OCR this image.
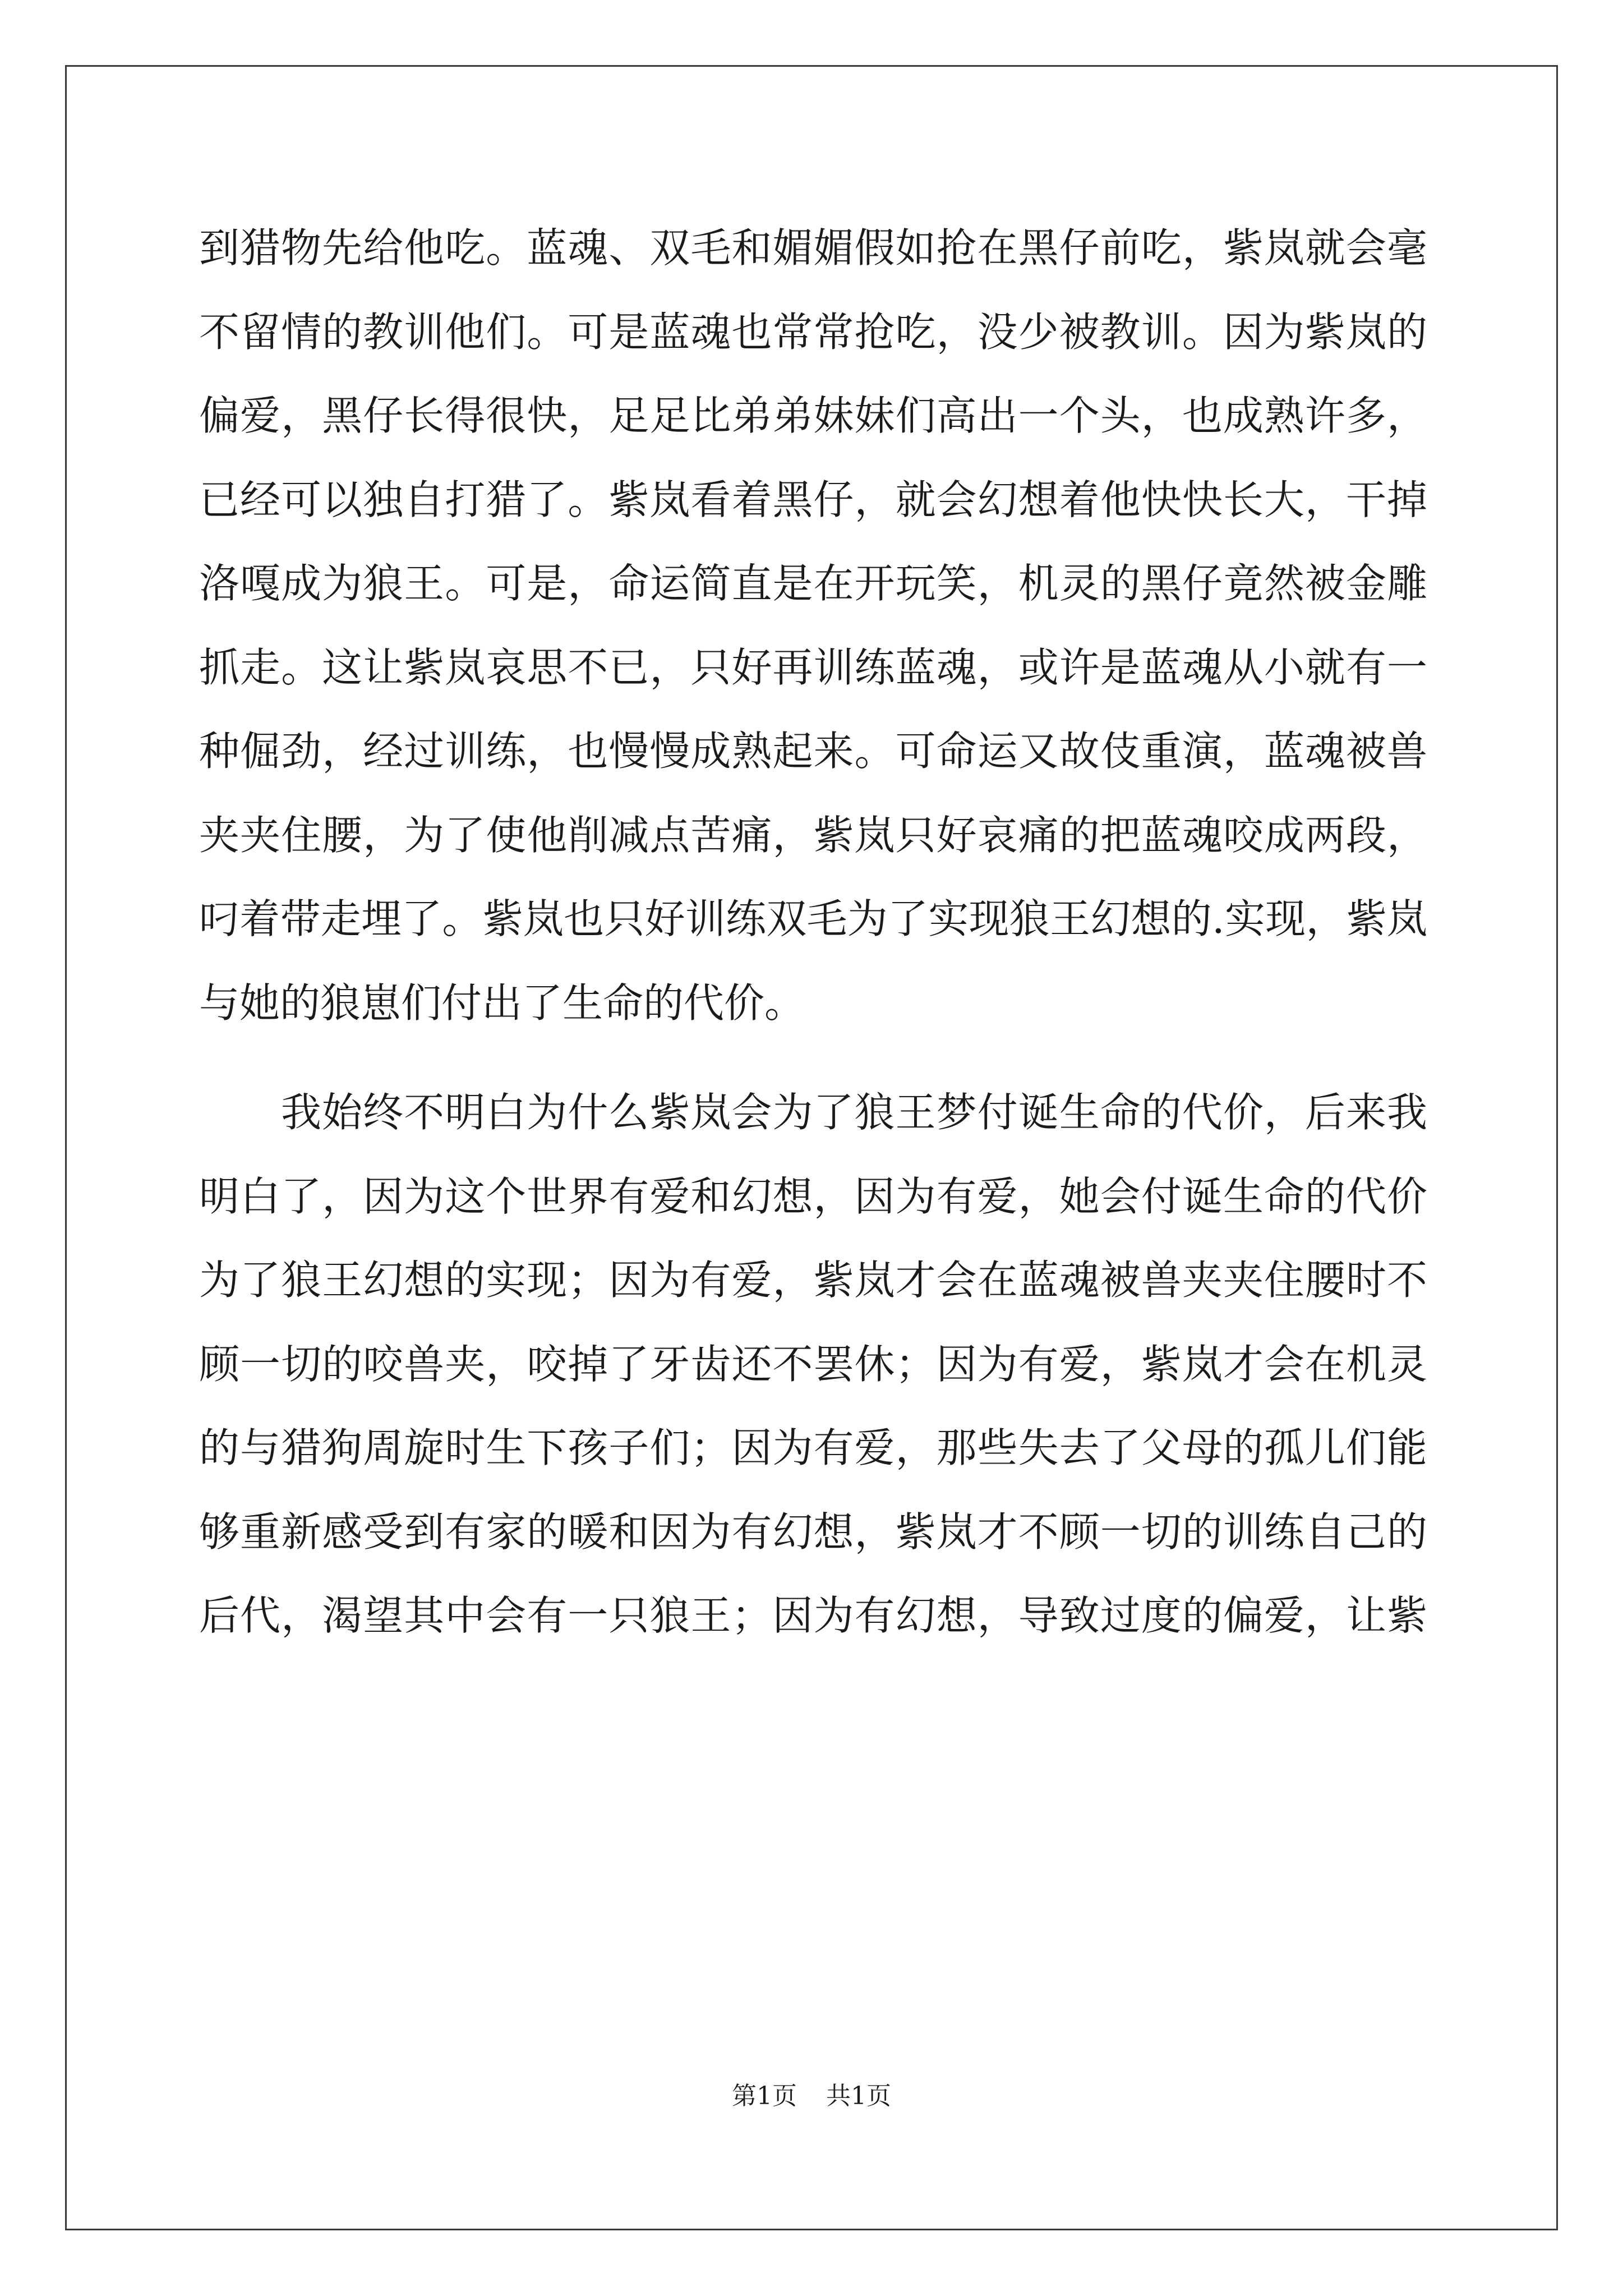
到猎物先给他吃。蓝魂、双毛和媚媚假如抢在黑仔前吃，紫岚就会毫
不留情的教训他们。可是蓝魂也常常抢吃，没少被教训。因为紫岚的
偏爱，黑仔长得很快，足足比弟弟妹妹们高出一个头，也成熟许多，
已经可以独自打猎了。紫岚看着黑仔，就会幻想着他快快长大，干掉
洛嘎成为狼王。可是，命运简直是在开玩笑，机灵的黑仔竟然被金雕
抓走。这让紫岚哀思不已，只好再训练蓝魂，或许是蓝魂从小就有一
种倔劲，经过训练，也慢慢成熟起来。可命运又故伎重演，蓝魂被兽
夹夹住腰，为了使他削减点苦痛，紫岚只好哀痛的把蓝魂咬成两段，
叼着带走埋了。紫岚也只好训练双毛为了实现狼王幻想的.实现，紫岚
与她的狼崽们付出了生命的代价。
我始终不明白为什么紫岚会为了狼王梦付诞生命的代价，后来我
明白了，因为这个世界有爱和幻想，因为有爱，她会付诞生命的代价
为了狼王幻想的实现；因为有爱，紫岚才会在蓝魂被兽夹夹住腰时不
顾一切的咬兽夹，咬掉了牙齿还不罢休；因为有爱，紫岚才会在机灵
的与猎狗周旋时生下孩子们；因为有爱，那些失去了父母的孤儿们能
够重新感受到有家的暖和因为有幻想，紫岚才不顾一切的训练自己的
后代，渴望其中会有一只狼王；因为有幻想，导致过度的偏爱，让紫
第1页 共1页
